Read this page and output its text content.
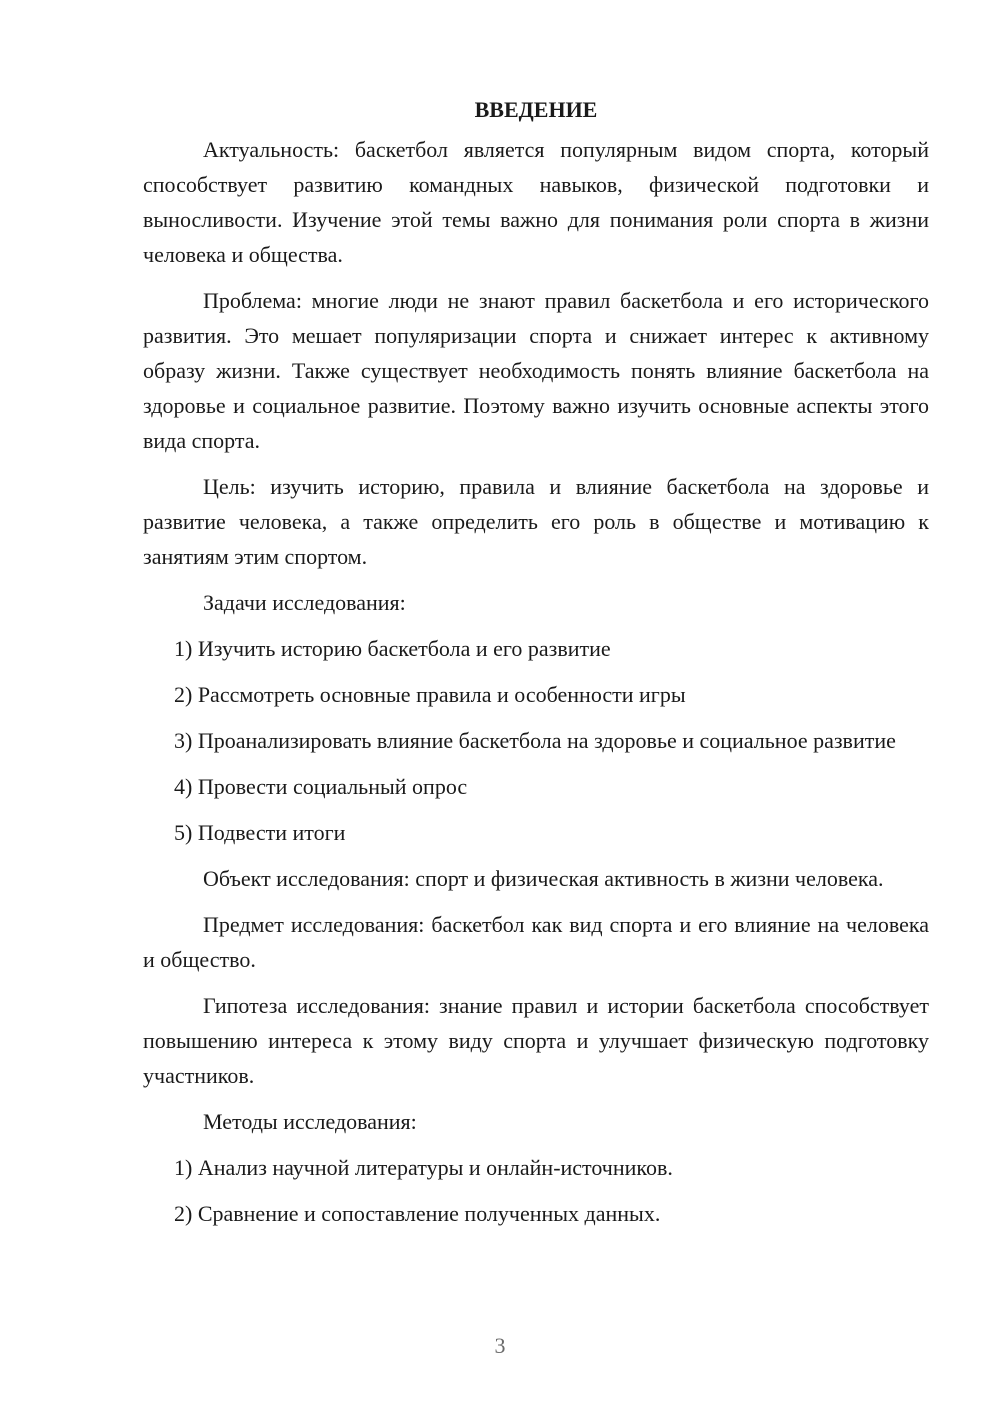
ВВЕДЕНИЕ

Актуальность: баскетбол является популярным видом спорта, который способствует развитию командных навыков, физической подготовки и выносливости. Изучение этой темы важно для понимания роли спорта в жизни человека и общества.

Проблема: многие люди не знают правил баскетбола и его исторического развития. Это мешает популяризации спорта и снижает интерес к активному образу жизни. Также существует необходимость понять влияние баскетбола на здоровье и социальное развитие. Поэтому важно изучить основные аспекты этого вида спорта.

Цель: изучить историю, правила и влияние баскетбола на здоровье и развитие человека, а также определить его роль в обществе и мотивацию к занятиям этим спортом.

Задачи исследования:

1) Изучить историю баскетбола и его развитие

2) Рассмотреть основные правила и особенности игры

3) Проанализировать влияние баскетбола на здоровье и социальное развитие

4) Провести социальный опрос

5) Подвести итоги

Объект исследования: спорт и физическая активность в жизни человека.

Предмет исследования: баскетбол как вид спорта и его влияние на человека и общество.

Гипотеза исследования: знание правил и истории баскетбола способствует повышению интереса к этому виду спорта и улучшает физическую подготовку участников.

Методы исследования:

1) Анализ научной литературы и онлайн-источников.

2) Сравнение и сопоставление полученных данных.

3
